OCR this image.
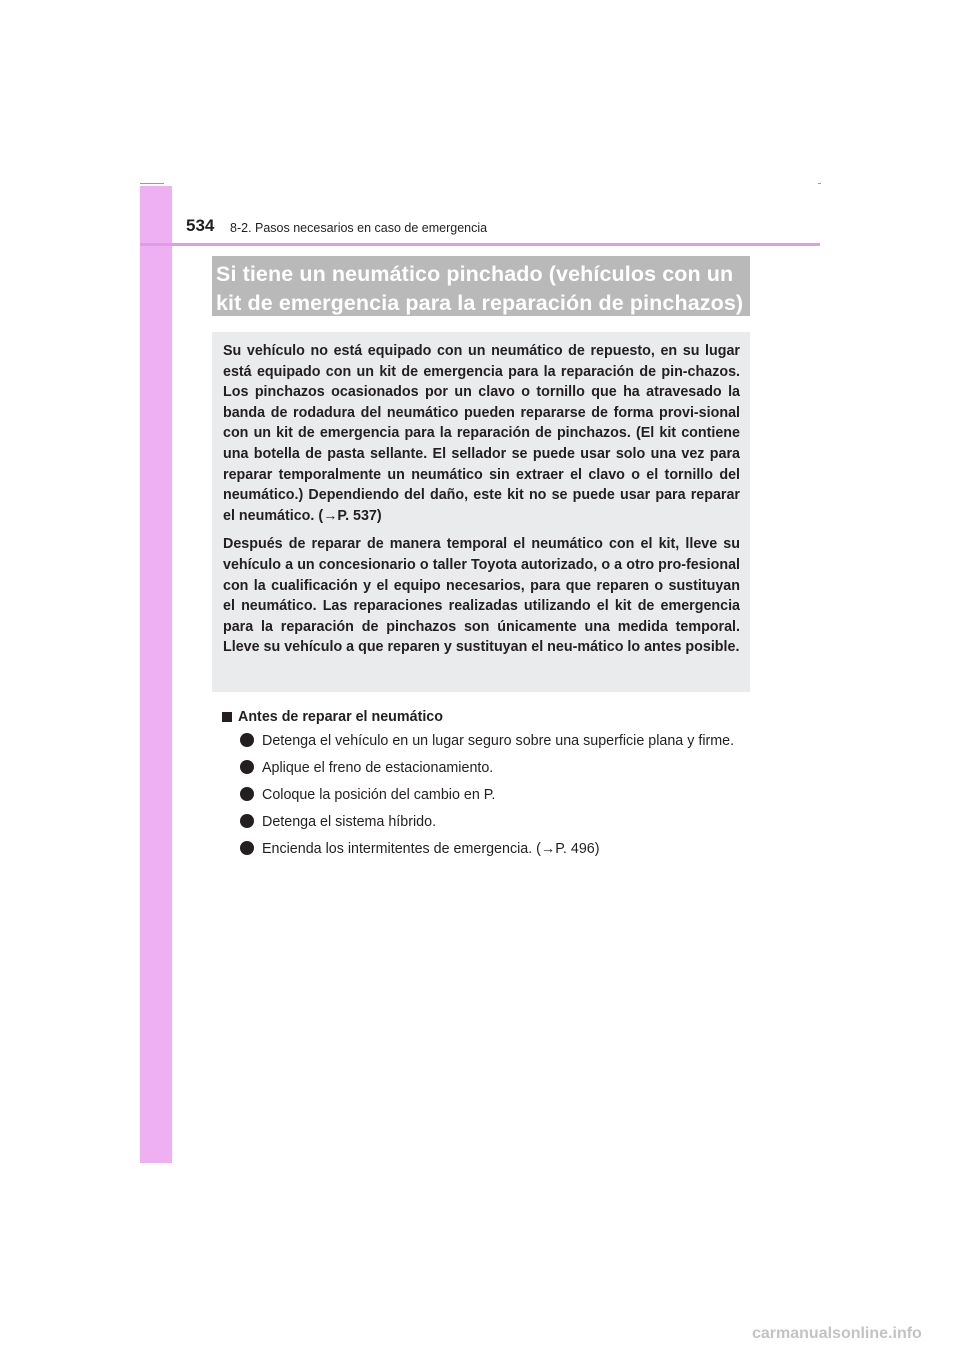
534 8-2. Pasos necesarios en caso de emergencia
Si tiene un neumático pinchado (vehículos con un
kit de emergencia para la reparación de pinchazos)

Su vehículo no está equipado con un neumático de repuesto, en su lugar está equipado con un kit de emergencia para la reparación de pin-chazos. Los pinchazos ocasionados por un clavo o tornillo que ha atravesado la banda de rodadura del neumático pueden repararse de forma provi-sional con un kit de emergencia para la reparación de pinchazos. (El kit contiene una botella de pasta sellante. El sellador se puede usar solo una vez para reparar temporalmente un neumático sin extraer el clavo o el tornillo del neumático.) Dependiendo del daño, este kit no se puede usar para reparar el neumático. (→P. 537)

Después de reparar de manera temporal el neumático con el kit, lleve su vehículo a un concesionario o taller Toyota autorizado, o a otro pro-fesional con la cualificación y el equipo necesarios, para que reparen o sustituyan el neumático. Las reparaciones realizadas utilizando el kit de emergencia para la reparación de pinchazos son únicamente una medida temporal. Lleve su vehículo a que reparen y sustituyan el neu-mático lo antes posible.

Antes de reparar el neumático
Detenga el vehículo en un lugar seguro sobre una superficie plana y firme.
Aplique el freno de estacionamiento.
Coloque la posición del cambio en P.
Detenga el sistema híbrido.
Encienda los intermitentes de emergencia. (→P. 496)
carmanualsonline.info
